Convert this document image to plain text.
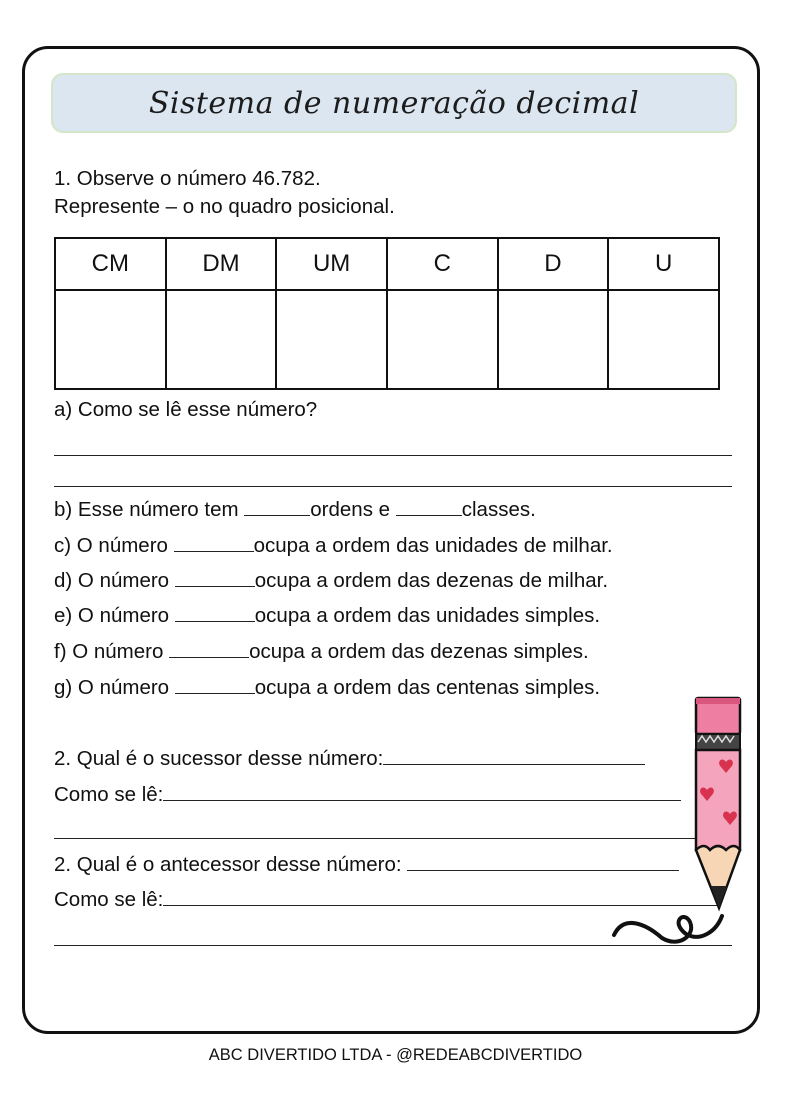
Sistema de numeração decimal
1. Observe o número 46.782.
Represente – o no quadro posicional.
CM	DM	UM	C	D	U

a) Como se lê esse número?
b) Esse número tem	ordens e	classes.
c) O número	ocupa a ordem das unidades de milhar.
d) O número	ocupa a ordem das dezenas de milhar.
e) O número	ocupa a ordem das unidades simples.
f) O número	ocupa a ordem das dezenas simples.
g) O número	ocupa a ordem das centenas simples.
2. Qual é o sucessor desse número:
Como se lê:
2. Qual é o antecessor desse número:
Como se lê:
ABC DIVERTIDO LTDA - @REDEABCDIVERTIDO
